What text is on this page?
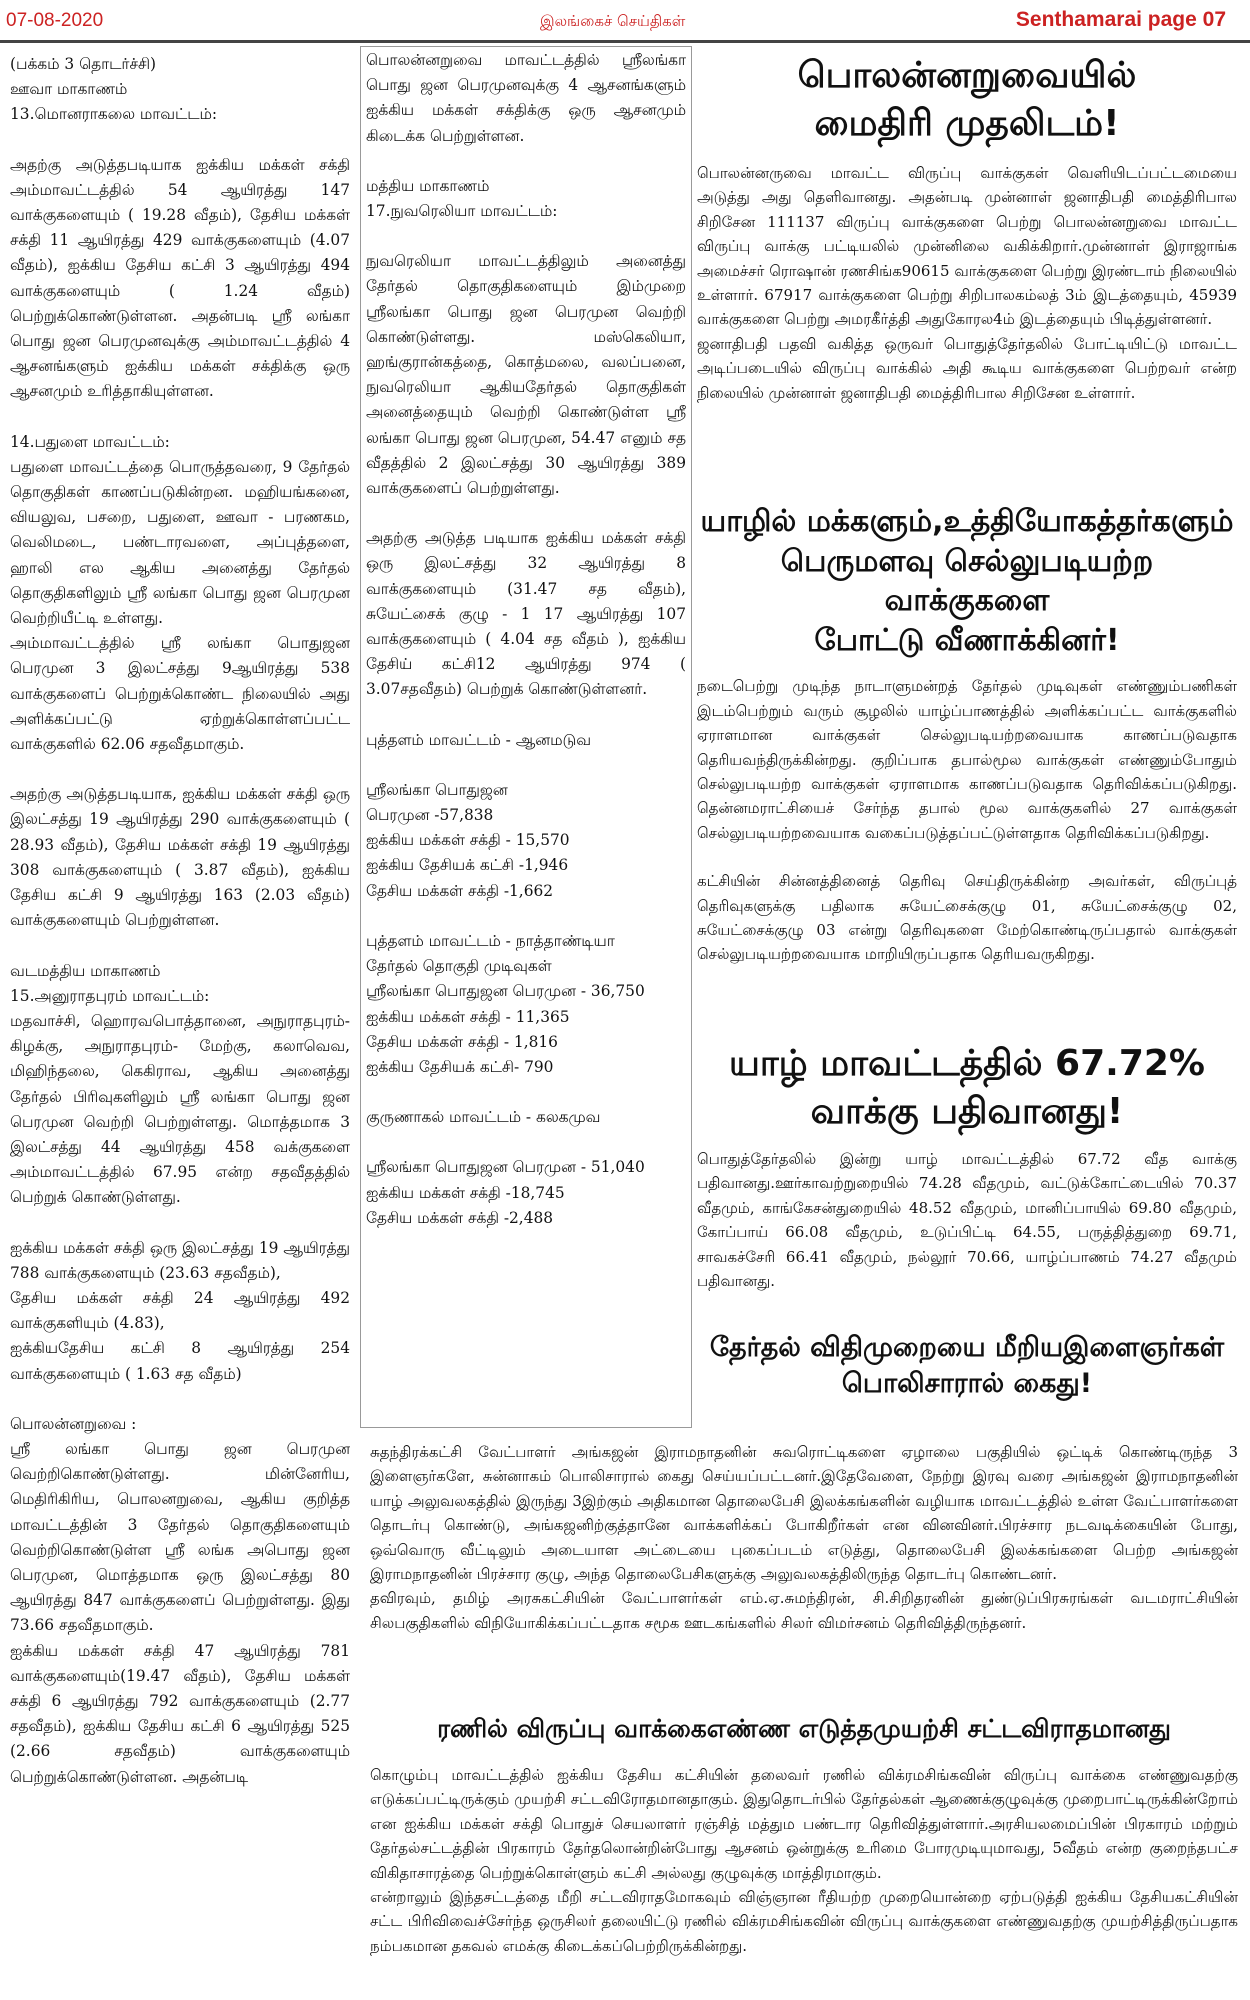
07-08-2020	இலங்கைச் செய்திகள்	Senthamarai page 07

(பக்கம் 3 தொடர்ச்சி)
ஊவா மாகாணம்
13.மொனராகலை மாவட்டம்:

அதற்கு அடுத்தபடியாக ஐக்கிய மக்கள் சக்தி அம்மாவட்டத்தில் 54 ஆயிரத்து 147 வாக்குகளையும் ( 19.28 வீதம்), தேசிய மக்கள் சக்தி 11 ஆயிரத்து 429 வாக்குகளையும் (4.07 வீதம்), ஐக்கிய தேசிய கட்சி 3 ஆயிரத்து 494 வாக்குகளையும் ( 1.24 வீதம்) பெற்றுக்கொண்டுள்ளன. அதன்படி ஸ்ரீ லங்கா பொது ஜன பெரமுனவுக்கு அம்மாவட்டத்தில் 4 ஆசனங்களும் ஐக்கிய மக்கள் சக்திக்கு ஒரு ஆசனமும் உரித்தாகியுள்ளன.

14.பதுளை மாவட்டம்:
பதுளை மாவட்டத்தை பொருத்தவரை, 9 தேர்தல் தொகுதிகள் காணப்படுகின்றன. மஹியங்கனை, வியலுவ, பசறை, பதுளை, ஊவா - பரணகம, வெலிமடை, பண்டாரவளை, அப்புத்தளை, ஹாலி எல ஆகிய அனைத்து தேர்தல் தொகுதிகளிலும் ஸ்ரீ லங்கா பொது ஜன பெரமுன வெற்றியீட்டி உள்ளது.
அம்மாவட்டத்தில் ஸ்ரீ லங்கா பொதுஜன பெரமுன 3 இலட்சத்து 9ஆயிரத்து 538 வாக்குகளைப் பெற்றுக்கொண்ட நிலையில் அது அளிக்கப்பட்டு ஏற்றுக்கொள்ளப்பட்ட வாக்குகளில் 62.06 சதவீதமாகும்.

அதற்கு அடுத்தபடியாக, ஐக்கிய மக்கள் சக்தி ஒரு இலட்சத்து 19 ஆயிரத்து 290 வாக்குகளையும் ( 28.93 வீதம்), தேசிய மக்கள் சக்தி 19 ஆயிரத்து 308 வாக்குகளையும் ( 3.87 வீதம்), ஐக்கிய தேசிய கட்சி 9 ஆயிரத்து 163 (2.03 வீதம்) வாக்குகளையும் பெற்றுள்ளன.

வடமத்திய மாகாணம்
15.அனுராதபுரம் மாவட்டம்:
மதவாச்சி, ஹொரவபொத்தானை, அநுராதபுரம்- கிழக்கு, அநுராதபுரம்- மேற்கு, கலாவெவ, மிஹிந்தலை, கெகிராவ, ஆகிய அனைத்து தேர்தல் பிரிவுகளிலும் ஸ்ரீ லங்கா பொது ஜன பெரமுன வெற்றி பெற்றுள்ளது. மொத்தமாக 3 இலட்சத்து 44 ஆயிரத்து 458 வக்குகளை அம்மாவட்டத்தில் 67.95 என்ற சதவீதத்தில் பெற்றுக் கொண்டுள்ளது.

ஐக்கிய மக்கள் சக்தி ஒரு இலட்சத்து 19 ஆயிரத்து 788 வாக்குகளையும் (23.63 சதவீதம்),
தேசிய மக்கள் சக்தி 24 ஆயிரத்து 492 வாக்குகளியும் (4.83),
ஐக்கியதேசிய கட்சி 8 ஆயிரத்து 254 வாக்குகளையும் ( 1.63 சத வீதம்)

பொலன்னறுவை :
ஸ்ரீ லங்கா பொது ஜன பெரமுன வெற்றிகொண்டுள்ளது. மின்னேரிய, மெதிரிகிரிய, பொலனறுவை, ஆகிய குறித்த மாவட்டத்தின் 3 தேர்தல் தொகுதிகளையும் வெற்றிகொண்டுள்ள ஸ்ரீ லங்க அபொது ஜன பெரமுன, மொத்தமாக ஒரு இலட்சத்து 80 ஆயிரத்து 847 வாக்குகளைப் பெற்றுள்ளது. இது 73.66 சதவீதமாகும்.
ஐக்கிய மக்கள் சக்தி 47 ஆயிரத்து 781 வாக்குகளையும்(19.47 வீதம்), தேசிய மக்கள் சக்தி 6 ஆயிரத்து 792 வாக்குகளையும் (2.77 சதவீதம்), ஐக்கிய தேசிய கட்சி 6 ஆயிரத்து 525 (2.66 சதவீதம்) வாக்குகளையும் பெற்றுக்கொண்டுள்ளன. அதன்படி

பொலன்னறுவை மாவட்டத்தில் ஸ்ரீலங்கா பொது ஜன பெரமுனவுக்கு 4 ஆசனங்களும் ஐக்கிய மக்கள் சக்திக்கு ஒரு ஆசனமும் கிடைக்க பெற்றுள்ளன.

மத்திய மாகாணம்
17.நுவரெலியா மாவட்டம்:

நுவரெலியா மாவட்டத்திலும் அனைத்து தேர்தல் தொகுதிகளையும் இம்முறை ஸ்ரீலங்கா பொது ஜன பெரமுன வெற்றி கொண்டுள்ளது. மஸ்கெலியா, ஹங்குரான்கத்தை, கொத்மலை, வலப்பனை, நுவரெலியா ஆகியதேர்தல் தொகுதிகள் அனைத்தையும் வெற்றி கொண்டுள்ள ஸ்ரீ லங்கா பொது ஜன பெரமுன, 54.47 எனும் சத வீதத்தில் 2 இலட்சத்து 30 ஆயிரத்து 389 வாக்குகளைப் பெற்றுள்ளது.

அதற்கு அடுத்த படியாக ஐக்கிய மக்கள் சக்தி ஒரு இலட்சத்து 32 ஆயிரத்து 8 வாக்குகளையும் (31.47 சத வீதம்), சுயேட்சைக் குழு - 1 17 ஆயிரத்து 107 வாக்குகளையும் ( 4.04 சத வீதம் ), ஐக்கிய தேசிய் கட்சி12 ஆயிரத்து 974 ( 3.07சதவீதம்) பெற்றுக் கொண்டுள்ளனர்.

புத்தளம் மாவட்டம் - ஆனமடுவ

ஸ்ரீலங்கா பொதுஜன
பெரமுன -57,838
ஐக்கிய மக்கள் சக்தி - 15,570
ஐக்கிய தேசியக் கட்சி -1,946
தேசிய மக்கள் சக்தி -1,662

புத்தளம் மாவட்டம் - நாத்தாண்டியா
தேர்தல் தொகுதி முடிவுகள்
ஸ்ரீலங்கா பொதுஜன பெரமுன - 36,750
ஐக்கிய மக்கள் சக்தி - 11,365
தேசிய மக்கள் சக்தி - 1,816
ஐக்கிய தேசியக் கட்சி- 790

குருணாகல் மாவட்டம் - கலகமுவ

ஸ்ரீலங்கா பொதுஜன பெரமுன - 51,040
ஐக்கிய மக்கள் சக்தி -18,745
தேசிய மக்கள் சக்தி -2,488

பொலன்னறுவையில்
மைதிரி முதலிடம்!

பொலன்னருவை மாவட்ட விருப்பு வாக்குகள் வெளியிடப்பட்டமையை அடுத்து அது தெளிவானது. அதன்படி முன்னாள் ஜனாதிபதி மைத்திரிபால சிறிசேன 111137 விருப்பு வாக்குகளை பெற்று பொலன்னறுவை மாவட்ட விருப்பு வாக்கு பட்டியலில் முன்னிலை வகிக்கிறார்.முன்னாள் இராஜாங்க அமைச்சர் ரொஷான் ரணசிங்க90615 வாக்குகளை பெற்று இரண்டாம் நிலையில் உள்ளார். 67917 வாக்குகளை பெற்று சிறிபாலகம்லத் 3ம் இடத்தையும், 45939 வாக்குகளை பெற்று அமரகீர்த்தி அதுகோரல4ம் இடத்தையும் பிடித்துள்ளனர்.
ஜனாதிபதி பதவி வகித்த ஒருவர் பொதுத்தேர்தலில் போட்டியிட்டு மாவட்ட அடிப்படையில் விருப்பு வாக்கில் அதி கூடிய வாக்குகளை பெற்றவர் என்ற நிலையில் முன்னாள் ஜனாதிபதி மைத்திரிபால சிறிசேன உள்ளார்.

யாழில் மக்களும்,உத்தியோகத்தர்களும்
பெருமளவு செல்லுபடியற்ற வாக்குகளை
போட்டு வீணாக்கினர்!

நடைபெற்று முடிந்த நாடாளுமன்றத் தேர்தல் முடிவுகள் எண்ணும்பணிகள் இடம்பெற்றும் வரும் சூழலில் யாழ்ப்பாணத்தில் அளிக்கப்பட்ட வாக்குகளில் ஏராளமான வாக்குகள் செல்லுபடியற்றவையாக காணப்படுவதாக தெரியவந்திருக்கின்றது. குறிப்பாக தபால்மூல வாக்குகள் எண்ணும்போதும் செல்லுபடியற்ற வாக்குகள் ஏராளமாக காணப்படுவதாக தெரிவிக்கப்படுகிறது. தென்னமராட்சியைச் சேர்ந்த தபால் மூல வாக்குகளில் 27 வாக்குகள் செல்லுபடியற்றவையாக வகைப்படுத்தப்பட்டுள்ளதாக தெரிவிக்கப்படுகிறது.

கட்சியின் சின்னத்தினைத் தெரிவு செய்திருக்கின்ற அவர்கள், விருப்புத் தெரிவுகளுக்கு பதிலாக சுயேட்சைக்குழு 01, சுயேட்சைக்குழு 02, சுயேட்சைக்குழு 03 என்று தெரிவுகளை மேற்கொண்டிருப்பதால் வாக்குகள் செல்லுபடியற்றவையாக மாறியிருப்பதாக தெரியவருகிறது.

யாழ் மாவட்டத்தில் 67.72%
வாக்கு பதிவானது!

பொதுத்தேர்தலில் இன்று யாழ் மாவட்டத்தில் 67.72 வீத வாக்கு பதிவானது.ஊர்காவற்றுறையில் 74.28 வீதமும், வட்டுக்கோட்டையில் 70.37 வீதமும், காங்கேசன்துறையில் 48.52 வீதமும், மானிப்பாயில் 69.80 வீதமும், கோப்பாய் 66.08 வீதமும், உடுப்பிட்டி 64.55, பருத்தித்துறை 69.71, சாவகச்சேரி 66.41 வீதமும், நல்லூர் 70.66, யாழ்ப்பாணம் 74.27 வீதமும் பதிவானது.

தேர்தல் விதிமுறையை மீறியஇளைஞர்கள்
பொலிசாரால் கைது!

சுதந்திரக்கட்சி வேட்பாளர் அங்கஜன் இராமநாதனின் சுவரொட்டிகளை ஏழாலை பகுதியில் ஒட்டிக் கொண்டிருந்த 3 இளைஞர்களே, சுன்னாகம் பொலிசாரால் கைது செய்யப்பட்டனர்.இதேவேளை, நேற்று இரவு வரை அங்கஜன் இராமநாதனின் யாழ் அலுவலகத்தில் இருந்து 3இற்கும் அதிகமான தொலைபேசி இலக்கங்களின் வழியாக மாவட்டத்தில் உள்ள வேட்பாளர்களை தொடர்பு கொண்டு, அங்கஜனிற்குத்தானே வாக்களிக்கப் போகிறீர்கள் என வினவினர்.பிரச்சார நடவடிக்கையின் போது, ஒவ்வொரு வீட்டிலும் அடையாள அட்டையை புகைப்படம் எடுத்து, தொலைபேசி இலக்கங்களை பெற்ற அங்கஜன் இராமநாதனின் பிரச்சார குழு, அந்த தொலைபேசிகளுக்கு அலுவலகத்திலிருந்த தொடர்பு கொண்டனர்.
தவிரவும், தமிழ் அரசுகட்சியின் வேட்பாளர்கள் எம்.ஏ.சுமந்திரன், சி.சிறிதரனின் துண்டுப்பிரசுரங்கள் வடமராட்சியின் சிலபகுதிகளில் விநியோகிக்கப்பட்டதாக சமூக ஊடகங்களில் சிலர் விமர்சனம் தெரிவித்திருந்தனர்.

ரணில் விருப்பு வாக்கைஎண்ண எடுத்தமுயற்சி சட்டவிராதமானது

கொழும்பு மாவட்டத்தில் ஐக்கிய தேசிய கட்சியின் தலைவர் ரணில் விக்ரமசிங்கவின் விருப்பு வாக்கை எண்ணுவதற்கு எடுக்கப்பட்டிருக்கும் முயற்சி சட்டவிரோதமானதாகும். இதுதொடர்பில் தேர்தல்கள் ஆணைக்குழுவுக்கு முறைபாட்டிருக்கின்றோம் என ஐக்கிய மக்கள் சக்தி பொதுச் செயலாளர் ரஞ்சித் மத்தும பண்டார தெரிவித்துள்ளார்.அரசியலமைப்பின் பிரகாரம் மற்றும் தேர்தல்சட்டத்தின் பிரகாரம் தேர்தலொன்றின்போது ஆசனம் ஒன்றுக்கு உரிமை போரமுடியுமாவது, 5வீதம் என்ற குறைந்தபட்ச விகிதாசாரத்தை பெற்றுக்கொள்ளும் கட்சி அல்லது குழுவுக்கு மாத்திரமாகும்.
என்றாலும் இந்தசட்டத்தை மீறி சட்டவிராதமோகவும் விஞ்ஞான ரீதியற்ற முறையொன்றை ஏற்படுத்தி ஐக்கிய தேசியகட்சியின் சட்ட பிரிவிவைச்சேர்ந்த ஒருசிலர் தலையிட்டு ரணில் விக்ரமசிங்கவின் விருப்பு வாக்குகளை எண்ணுவதற்கு முயற்சித்திருப்பதாக நம்பகமான தகவல் எமக்கு கிடைக்கப்பெற்றிருக்கின்றது.
